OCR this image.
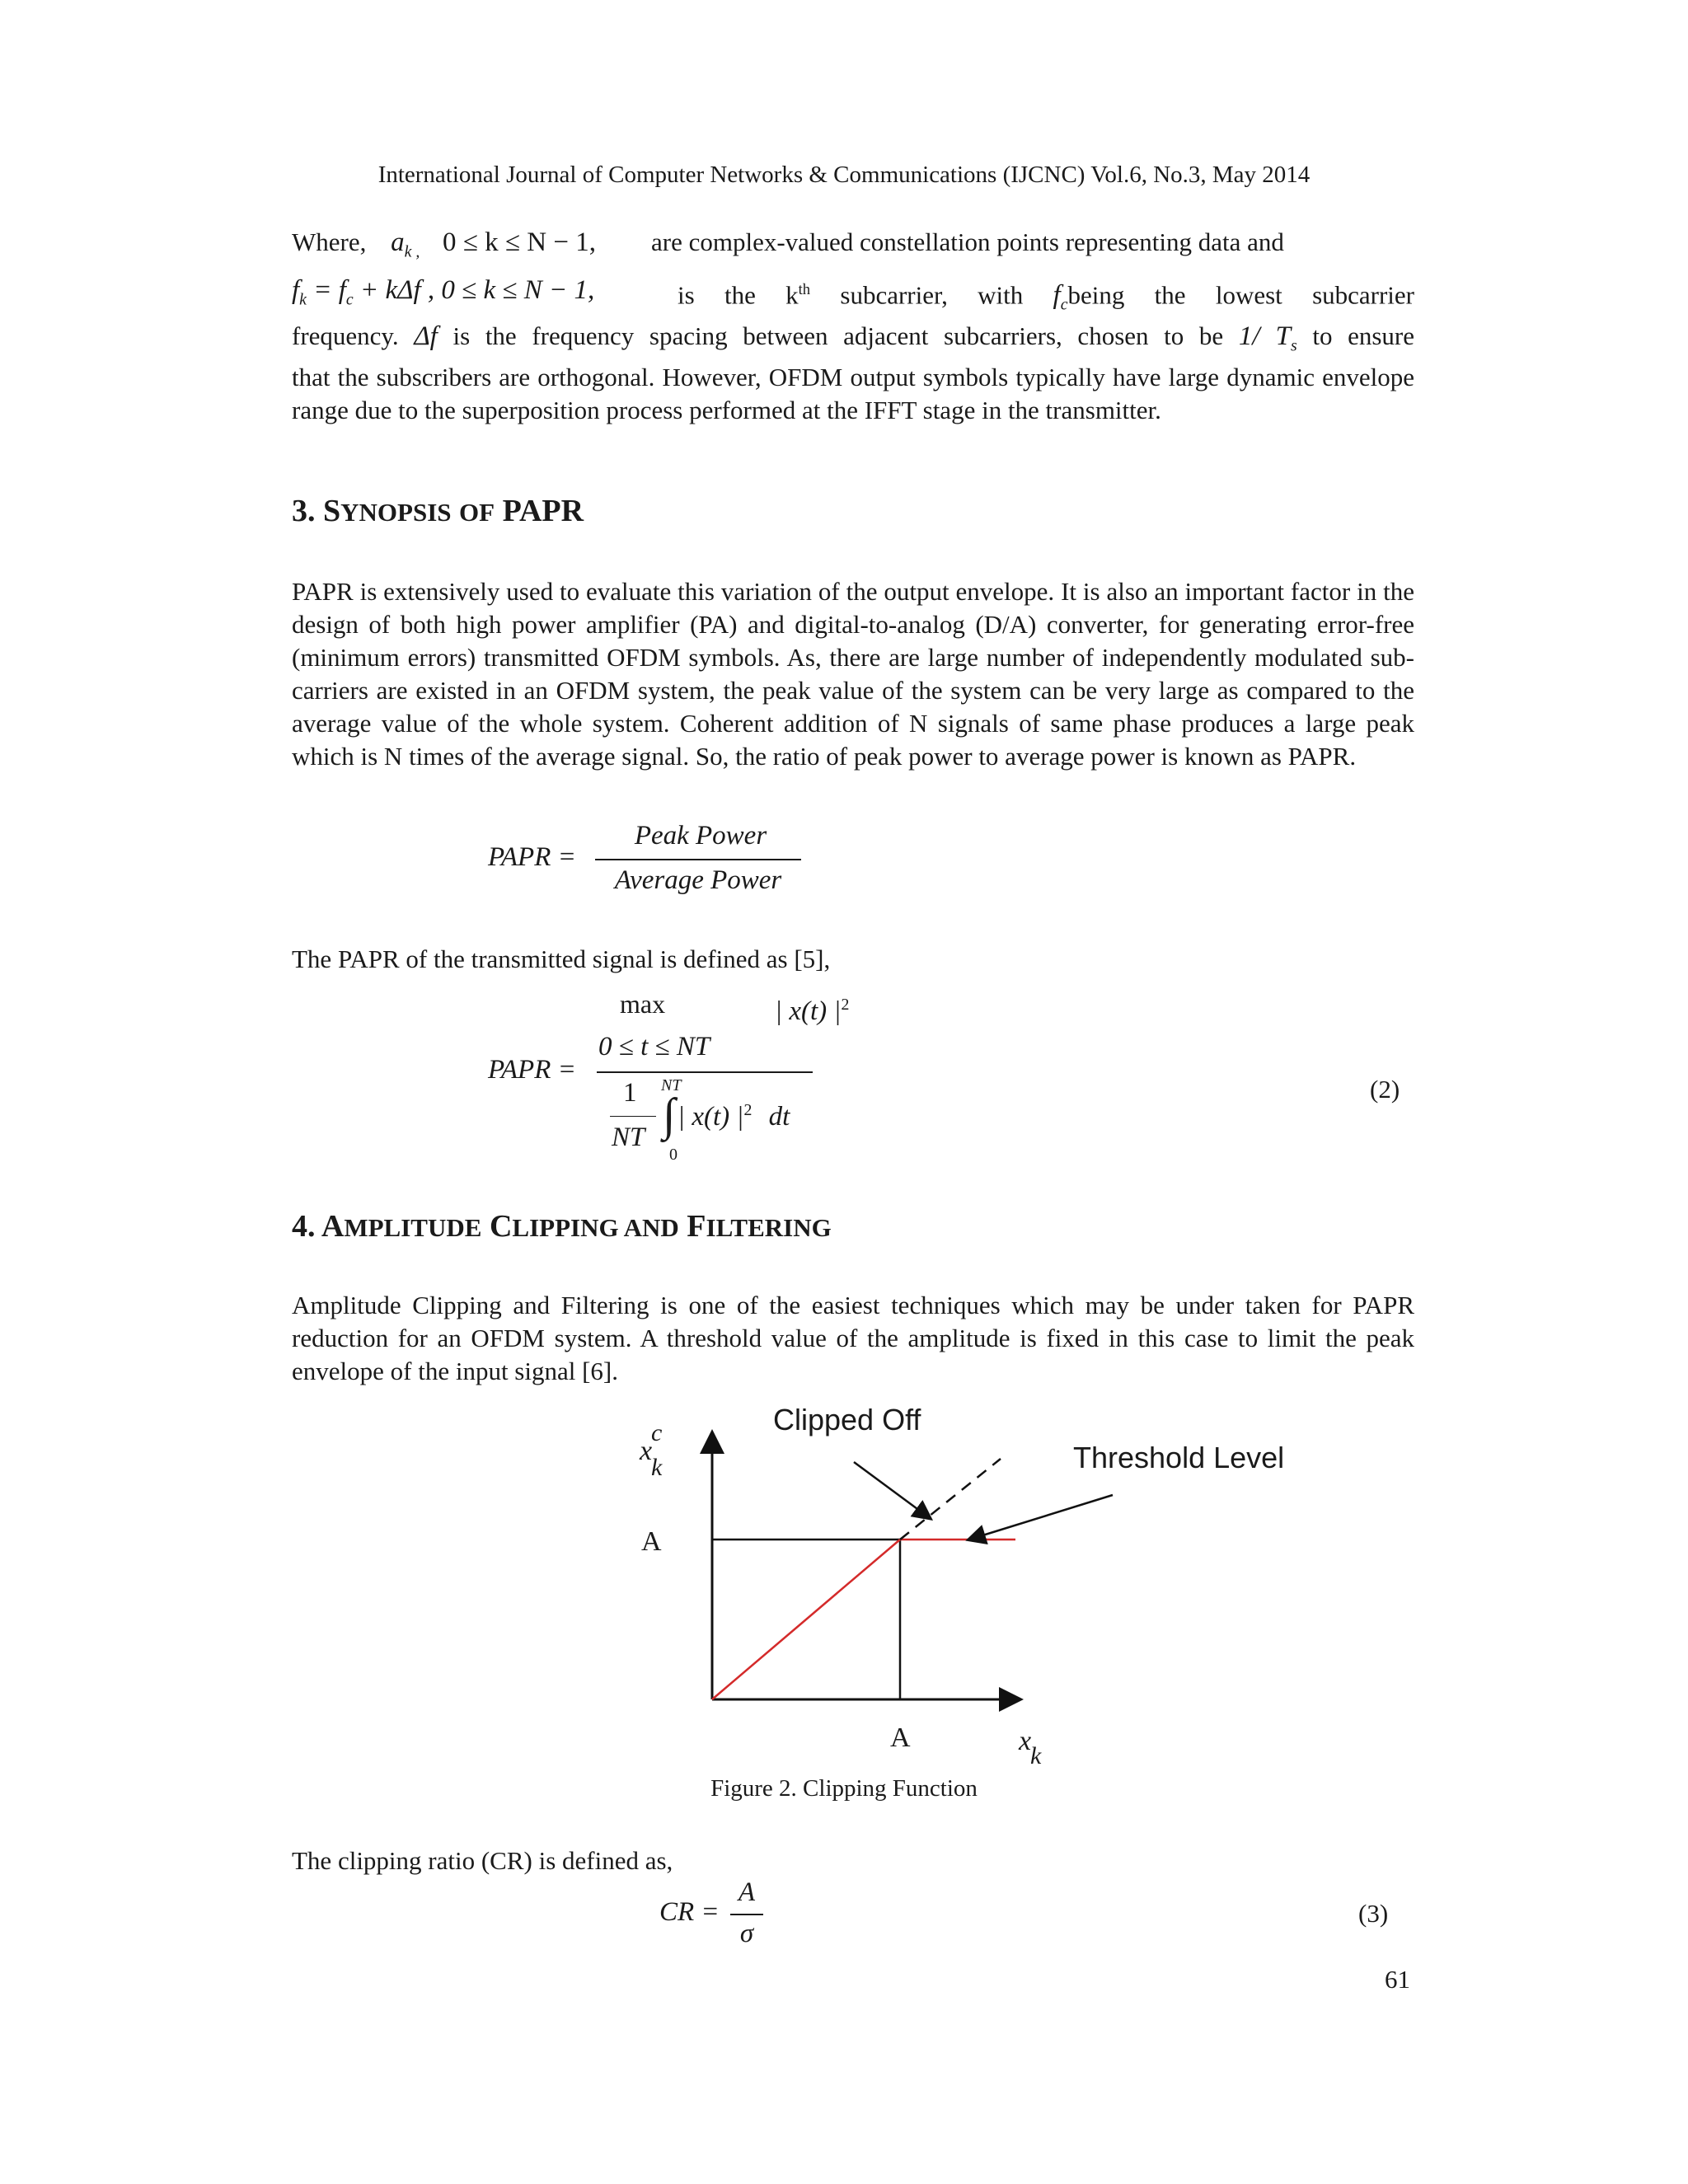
International Journal of Computer Networks & Communications (IJCNC) Vol.6, No.3, May 2014
Where, $a_{k ,}$ 0 ≤ k ≤ N − 1,	are complex-valued constellation points representing data and
$f_k = f_c + k\Delta f$ , 0 ≤ k ≤ N − 1,	is the $k^{th}$ subcarrier, with $f_cbeing$ the lowest subcarrier
frequency. Δf is the frequency spacing between adjacent subcarriers, chosen to be 1/ $T_s$ to ensure
that the subscribers are orthogonal. However, OFDM output symbols typically have large dynamic envelope range due to the superposition process performed at the IFFT stage in the transmitter.
3. SYNOPSIS OF PAPR
PAPR is extensively used to evaluate this variation of the output envelope. It is also an important factor in the design of both high power amplifier (PA) and digital-to-analog (D/A) converter, for generating error-free (minimum errors) transmitted OFDM symbols. As, there are large number of independently modulated sub-carriers are existed in an OFDM system, the peak value of the system can be very large as compared to the average value of the whole system. Coherent addition of N signals of same phase produces a large peak which is N times of the average signal. So, the ratio of peak power to average power is known as PAPR.
PAPR =
Peak Power
Average Power
The PAPR of the transmitted signal is defined as [5],
max	| x(t) $|^2$
0 ≤ t ≤ NT
PAPR =
1
NT
NT
∫
0
| x(t) $|^2$ dt
(2)
4. AMPLITUDE CLIPPING AND FILTERING
Amplitude Clipping and Filtering is one of the easiest techniques which may be under taken for PAPR reduction for an OFDM system. A threshold value of the amplitude is fixed in this case to limit the peak envelope of the input signal [6].
Clipped Off
Threshold Level
x
c
k
A
A	x
k
Figure 2. Clipping Function
The clipping ratio (CR) is defined as,
CR =
A
σ
(3)
61
